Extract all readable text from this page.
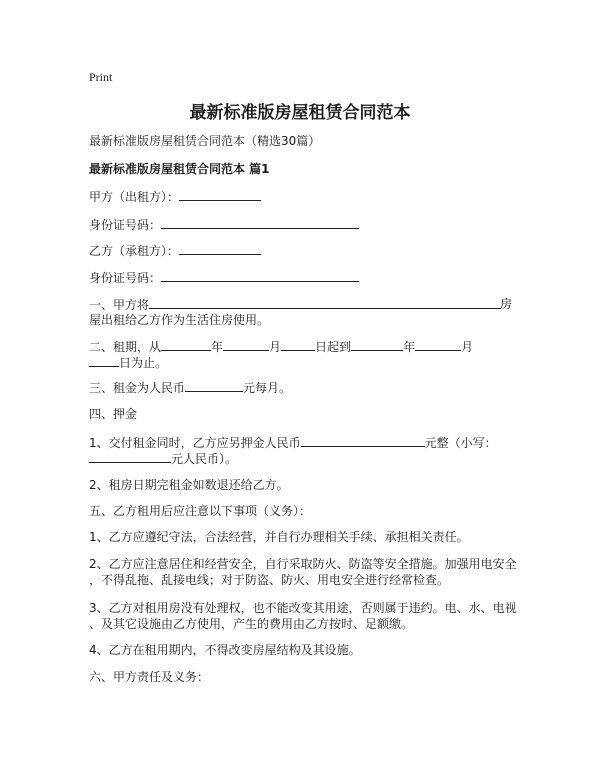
Print
最新标准版房屋租赁合同范本
最新标准版房屋租赁合同范本（精选30篇）
最新标准版房屋租赁合同范本 篇1
甲方（出租方）：
身份证号码：
乙方（承租方）：
身份证号码：
一、甲方将	房
屋出租给乙方作为生活住房使用。
二、租期，从	年	月	日起到	年	月
日为止。
三、租金为人民币	元每月。
四、押金
1、交付租金同时，乙方应另押金人民币	元整（小写：
元人民币）。
2、租房日期完租金如数退还给乙方。
五、乙方租用后应注意以下事项（义务）：
1、乙方应遵纪守法，合法经营，并自行办理相关手续、承担相关责任。
2、乙方应注意居住和经营安全，自行采取防火、防盗等安全措施。加强用电安全
，不得乱拖、乱接电线；对于防盗、防火、用电安全进行经常检查。
3、乙方对租用房没有处理权，也不能改变其用途，否则属于违约。电、水、电视
、及其它设施由乙方使用，产生的费用由乙方按时、足额缴。
4、乙方在租用期内，不得改变房屋结构及其设施。
六、甲方责任及义务：
